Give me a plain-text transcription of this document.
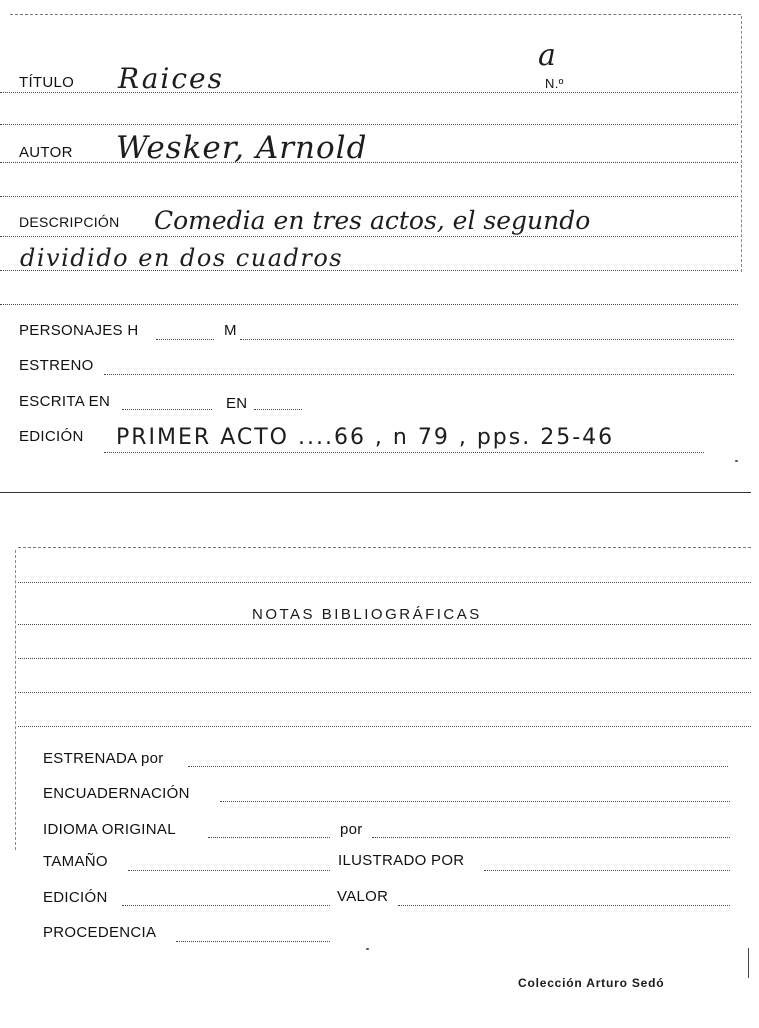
TÍTULO Raices
a
N.º
AUTOR Wesker, Arnold
DESCRIPCIÓN Comedia en tres actos, el segundo
dividido en dos cuadros
PERSONAJES H	M
ESTRENO
ESCRITA EN	EN
EDICIÓN PRIMER ACTO ....66 , n 79 , pps. 25-46
NOTAS BIBLIOGRÁFICAS
ESTRENADA por
ENCUADERNACIÓN
IDIOMA ORIGINAL	por
TAMAÑO	ILUSTRADO POR
EDICIÓN	VALOR
PROCEDENCIA
Colección Arturo Sedó
